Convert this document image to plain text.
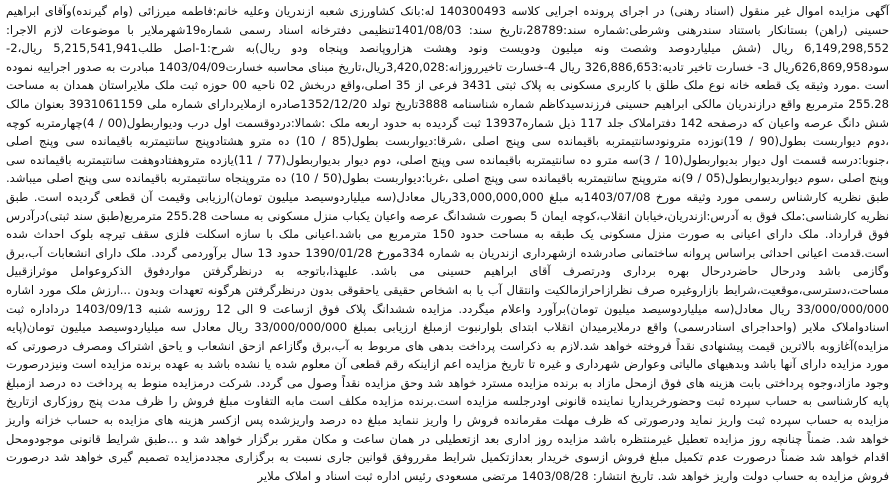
آگهی مزایده اموال غیر منقول (اسناد رهنی) در اجرای پرونده اجرایی کلاسه 140300493 له:بانک کشاورزی شعبه ازندریان وعلیه خانم:فاطمه میرزائی (وام گیرنده)وآقای ابراهیم حسینی (راهن) بستانکار باستناد سندرهنی وشرطی:شماره سند:28789،تاریخ سند: 1401/08/03تنظیمی دفترخانه اسناد رسمی شماره19شهرملایر با موضوعات لازم الاجرا: 6,149,298,552 ریال (شش میلیاردوصد وشصت ونه میلیون ودویست ونود وهشت هزاروپانصد وپنجاه ودو ریال)به شرح:1-اصل طلب5,215,541,941 ریال،2- سود626,869,958ریال 3- خسارت تاخیر تادیه:326,886,653 ریال 4-خسارت تاخیرروزانه:3,420,028ریال،تاریخ مبنای محاسبه خسارت1403/04/09 مبادرت به صدور اجراییه نموده است .مورد وثیقه یک قطعه خانه نوع ملک طلق با کاربری مسکونی به پلاک ثبتی 3431 فرعی از 35 اصلی،واقع دربخش 02 ناحیه 00 حوزه ثبت ملک ملایراستان همدان به مساحت 255.28 مترمربع واقع درازندریان مالکی ابراهیم حسینی فرزندسیدکاظم شماره شناسنامه 3888تاریخ تولد 1352/12/20صادره ازملایردارای شماره ملی 3931061159 بعنوان مالک شش دانگ عرصه واعیان که درصفحه 142 دفتراملاک جلد 117 ذیل شماره13937 ثبت گردیده به حدود اربعه ملک :شمالا:دردوقسمت اول درب وديواربطول(00 / 4)چهارمتربه كوچه ،دوم ديواربست بطول(90 / 19)نوزده مترونودسانتیمتربه باقیمانده سی وپنج اصلی ،شرقا:دیواربست بطول(85 / 10) ده مترو هشتادوپنج سانتیمتربه باقیمانده سی وپنج اصلی ،جنوبا:درسه قسمت اول دیوار بدیواربطول(10 / 3)سه مترو ده سانتیمتربه باقیمانده سی وپنج اصلی، دوم دیوار بدیواربطول(77 / 11)یازده متروهفتادوهفت سانتیمتربه باقیمانده سی وپنج اصلی ،سوم دیواربدیواربطول(05 / 9)نه متروپنج سانتیمتربه باقیمانده سی وپنج اصلی ،غربا:دیواربست بطول(50 / 10) ده متروپنجاه سانتیمتربه باقیمانده سی وپنج اصلی میباشد. طبق نظریه کارشناس رسمی مورد وثیقه مورخ 1403/07/08به مبلغ 33,000,000,000ریال معادل(سه میلیاردوسیصد میلیون تومان)ارزیابی وقیمت آن قطعی گردیده است. طبق نظریه کارشناسی:ملک فوق به آدرس:ازندریان،خیابان انقلاب،کوچه ایمان 5 بصورت ششدانگ عرصه واعیان یکباب منزل مسکونی به مساحت 255.28 مترمربع(طبق سند ثبتی)درآدرس فوق قرارداد. ملک دارای اعیانی به صورت منزل مسکونی یک طبقه به مساحت حدود 150 مترمربع می باشد.اعیانی ملک با سازه اسکلت فلزی سقف تیرچه بلوک احداث شده است.قدمت اعیانی احداثی براساس پروانه ساختمانی صادرشده ازشهرداری ازندریان به شماره 334مورخ 1390/01/28 حدود 13 سال برآوردمی گردد. ملک دارای انشعابات آب،برق وگازمی باشد ودرحال حاضردرحال بهره برداری ودرتصرف آقای ابراهیم حسینی می باشد. علیهذا،باتوجه به درنظرگرفتن مواردفوق الذکروعوامل موثرازقبیل مساحت،دسترسی،موقعیت،شرایط بازاروغیره صرف نظرازاحرازمالکیت وانتقال آب یا به اشخاص حقیقی یاحقوقی بدون درنظرگرفتن هرگونه تعهدات وبدون ...ارزش ملک مورد اشاره 33/000/000/000 ریال معادل(سه میلیاردوسیصد میلیون تومان)برآورد واعلام میگردد. مزایده ششدانگ پلاک فوق ازساعت 9 الی 12 روزسه شنبه 1403/09/13 درداداره ثبت اسنادواملاک ملایر (واحداجرای اسنادرسمی) واقع درملایرمیدان انقلاب ابتدای بلوارنبوت ازمبلغ ارزیابی بمبلغ 33/000/000/000 ریال معادل سه میلیاردوسیصد میلیون تومان(پایه مزایده)آغازوبه بالاترین قیمت پیشنهادی نقداً فروخته خواهد شد.لازم به ذکراست پرداخت بدهی های مربوط به آب،برق وگازاعم ازحق انشعاب و یاحق اشتراک ومصرف درصورتی که مورد مزایده دارای آنها باشد وبدهیهای مالیاتی وعوارض شهرداری و غیره تا تاریخ مزایده اعم ازاینکه رقم قطعی آن معلوم شده یا نشده باشد به عهده برنده مزایده است ونیزدرصورت وجود مازاد،وجوه پرداختی بابت هزینه های فوق ازمحل مازاد به برنده مزایده مسترد خواهد شد وحق مزایده نقداً وصول می گردد. شرکت درمزایده منوط به پرداخت ده درصد ازمبلغ پایه کارشناسی به حساب سپرده ثبت وحضورخریداریا نماینده قانونی اودرجلسه مزایده است.برنده مزایده مکلف است مابه التفاوت مبلغ فروش را ظرف مدت پنج روزکاری ازتاریخ مزایده به حساب سپرده ثبت واریز نماید ودرصورتی که ظرف مهلت مقرمانده فروش را واریز ننماید مبلغ ده درصد واریزشده پس ازکسر هزینه های مزایده به حساب خزانه واریز خواهد شد. ضمناً چنانچه روز مزایده تعطیل غیرمنتظره باشد مزایده روز اداری بعد ازتعطیلی در همان ساعت و مکان مقرر برگزار خواهد شد و ...طبق شرایط قانونی موجودومحل اقدام خواهد شد ضمناً درصورت عدم تکمیل مبلغ فروش ازسوی خریدار بعدازتکمیل شرایط مقرروفق قوانین جاری نسبت به برگزاری مجددمزایده تصمیم گیری خواهد شد درصورت فروش مزایده به حساب دولت واریز خواهد شد. تاریخ انتشار: 1403/08/28 مرتضی مسعودی رئیس اداره ثبت اسناد و املاک ملایر
